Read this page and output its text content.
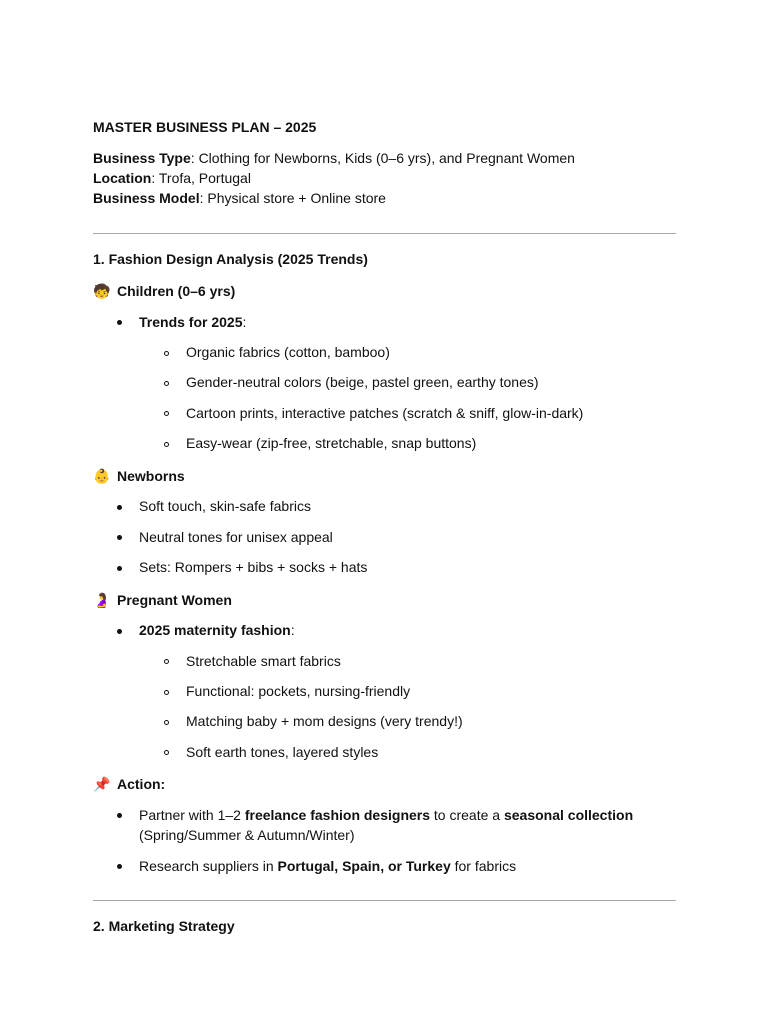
MASTER BUSINESS PLAN – 2025
Business Type: Clothing for Newborns, Kids (0–6 yrs), and Pregnant Women
Location: Trofa, Portugal
Business Model: Physical store + Online store
1. Fashion Design Analysis (2025 Trends)
🧒 Children (0–6 yrs)
Trends for 2025:
Organic fabrics (cotton, bamboo)
Gender-neutral colors (beige, pastel green, earthy tones)
Cartoon prints, interactive patches (scratch & sniff, glow-in-dark)
Easy-wear (zip-free, stretchable, snap buttons)
👶 Newborns
Soft touch, skin-safe fabrics
Neutral tones for unisex appeal
Sets: Rompers + bibs + socks + hats
🤰 Pregnant Women
2025 maternity fashion:
Stretchable smart fabrics
Functional: pockets, nursing-friendly
Matching baby + mom designs (very trendy!)
Soft earth tones, layered styles
📌 Action:
Partner with 1–2 freelance fashion designers to create a seasonal collection
(Spring/Summer & Autumn/Winter)
Research suppliers in Portugal, Spain, or Turkey for fabrics
2. Marketing Strategy
